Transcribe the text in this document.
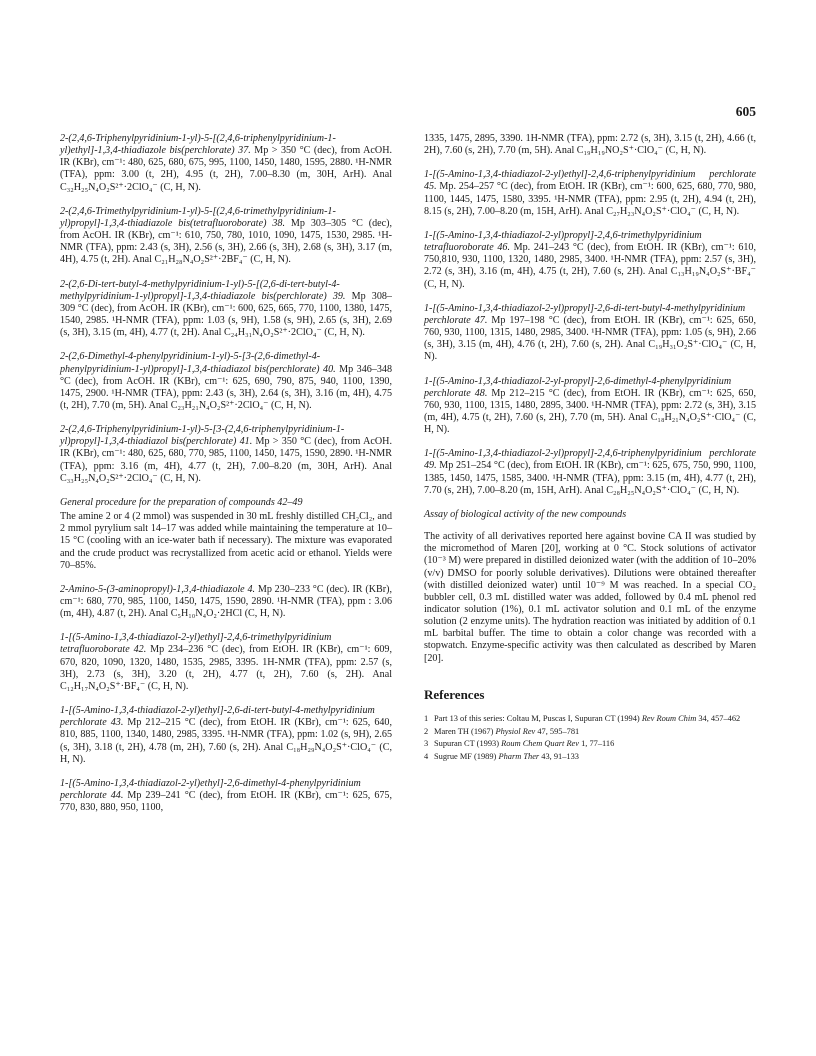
605
2-(2,4,6-Triphenylpyridinium-1-yl)-5-[(2,4,6-triphenylpyridinium-1-yl)ethyl]-1,3,4-thiadiazole bis(perchlorate) 37. Mp > 350 °C (dec), from AcOH. IR (KBr), cm⁻¹: 480, 625, 680, 675, 995, 1100, 1450, 1480, 1595, 2880. ¹H-NMR (TFA), ppm: 3.00 (t, 2H), 4.95 (t, 2H), 7.00–8.30 (m, 30H, ArH). Anal C₃₂H₂₅N₄O₂S²⁺·2ClO₄⁻ (C, H, N).
2-(2,4,6-Trimethylpyridinium-1-yl)-5-[(2,4,6-trimethylpyridinium-1-yl)propyl]-1,3,4-thiadiazole bis(tetrafluoroborate) 38. Mp 303–305 °C (dec), from AcOH. IR (KBr), cm⁻¹: 610, 750, 780, 1010, 1090, 1475, 1530, 2985. ¹H-NMR (TFA), ppm: 2.43 (s, 3H), 2.56 (s, 3H), 2.66 (s, 3H), 2.68 (s, 3H), 3.17 (m, 4H), 4.75 (t, 2H). Anal C₂₁H₂₈N₄O₂S²⁺·2BF₄⁻ (C, H, N).
2-(2,6-Di-tert-butyl-4-methylpyridinium-1-yl)-5-[(2,6-di-tert-butyl-4-methylpyridinium-1-yl)propyl]-1,3,4-thiadiazole bis(perchlorate) 39. Mp 308–309 °C (dec), from AcOH. IR (KBr), cm⁻¹: 600, 625, 665, 770, 1100, 1380, 1475, 1540, 2985. ¹H-NMR (TFA), ppm: 1.03 (s, 9H), 1.58 (s, 9H), 2.65 (s, 3H), 2.69 (s, 3H), 3.15 (m, 4H), 4.77 (t, 2H). Anal C₂₄H₃₁N₄O₂S²⁺·2ClO₄⁻ (C, H, N).
2-(2,6-Dimethyl-4-phenylpyridinium-1-yl)-5-[3-(2,6-dimethyl-4-phenylpyridinium-1-yl)propyl]-1,3,4-thiadiazol bis(perchlorate) 40. Mp 346–348 °C (dec), from AcOH. IR (KBr), cm⁻¹: 625, 690, 790, 875, 940, 1100, 1390, 1475, 2900. ¹H-NMR (TFA), ppm: 2.43 (s, 3H), 2.64 (s, 3H), 3.16 (m, 4H), 4.75 (t, 2H), 7.70 (m, 5H). Anal C₂₃H₂₁N₄O₂S²⁺·2ClO₄⁻ (C, H, N).
2-(2,4,6-Triphenylpyridinium-1-yl)-5-[3-(2,4,6-triphenylpyridinium-1-yl)propyl]-1,3,4-thiadiazol bis(perchlorate) 41. Mp > 350 °C (dec), from AcOH. IR (KBr), cm⁻¹: 480, 625, 680, 770, 985, 1100, 1450, 1475, 1590, 2890. ¹H-NMR (TFA), ppm: 3.16 (m, 4H), 4.77 (t, 2H), 7.00–8.20 (m, 30H, ArH). Anal C₃₃H₂₅N₄O₂S²⁺·2ClO₄⁻ (C, H, N).
General procedure for the preparation of compounds 42–49
The amine 2 or 4 (2 mmol) was suspended in 30 mL freshly distilled CH₂Cl₂, and 2 mmol pyrylium salt 14–17 was added while maintaining the temperature at 10–15 °C (cooling with an ice-water bath if necessary). The mixture was evaporated and the crude product was recrystallized from acetic acid or ethanol. Yields were 70–85%.
2-Amino-5-(3-aminopropyl)-1,3,4-thiadiazole 4. Mp 230–233 °C (dec). IR (KBr), cm⁻¹: 680, 770, 985, 1100, 1450, 1475, 1590, 2890. ¹H-NMR (TFA), ppm : 3.06 (m, 4H), 4.87 (t, 2H). Anal C₅H₁₀N₄O₂·2HCl (C, H, N).
1-[(5-Amino-1,3,4-thiadiazol-2-yl)ethyl]-2,4,6-trimethylpyridinium tetrafluoroborate 42. Mp 234–236 °C (dec), from EtOH. IR (KBr), cm⁻¹: 609, 670, 820, 1090, 1320, 1480, 1535, 2985, 3395. 1H-NMR (TFA), ppm: 2.57 (s, 3H), 2.73 (s, 3H), 3.20 (t, 2H), 4.77 (t, 2H), 7.60 (s, 2H). Anal C₁₂H₁₇N₄O₂S⁺·BF₄⁻ (C, H, N).
1-[(5-Amino-1,3,4-thiadiazol-2-yl)ethyl]-2,6-di-tert-butyl-4-methylpyridinium perchlorate 43. Mp 212–215 °C (dec), from EtOH. IR (KBr), cm⁻¹: 625, 640, 810, 885, 1100, 1340, 1480, 2985, 3395. ¹H-NMR (TFA), ppm: 1.02 (s, 9H), 2.65 (s, 3H), 3.18 (t, 2H), 4.78 (m, 2H), 7.60 (s, 2H). Anal C₁₈H₂₉N₄O₂S⁺·ClO₄⁻ (C, H, N).
1-[(5-Amino-1,3,4-thiadiazol-2-yl)ethyl]-2,6-dimethyl-4-phenylpyridinium perchlorate 44. Mp 239–241 °C (dec), from EtOH. IR (KBr), cm⁻¹: 625, 675, 770, 830, 880, 950, 1100,
1335, 1475, 2895, 3390. 1H-NMR (TFA), ppm: 2.72 (s, 3H), 3.15 (t, 2H), 4.66 (t, 2H), 7.60 (s, 2H), 7.70 (m, 5H). Anal C₁₉H₁₉NO₂S⁺·ClO₄⁻ (C, H, N).
1-[(5-Amino-1,3,4-thiadiazol-2-yl)ethyl]-2,4,6-triphenylpyridinium perchlorate 45. Mp. 254–257 °C (dec), from EtOH. IR (KBr), cm⁻¹: 600, 625, 680, 770, 980, 1100, 1445, 1475, 1580, 3395. ¹H-NMR (TFA), ppm: 2.95 (t, 2H), 4.94 (t, 2H), 8.15 (s, 2H), 7.00–8.20 (m, 15H, ArH). Anal C₂₇H₂₃N₄O₂S⁺·ClO₄⁻ (C, H, N).
1-[(5-Amino-1,3,4-thiadiazol-2-yl)propyl]-2,4,6-trimethylpyridinium tetrafluoroborate 46. Mp. 241–243 °C (dec), from EtOH. IR (KBr), cm⁻¹: 610, 750,810, 930, 1100, 1320, 1480, 2985, 3400. ¹H-NMR (TFA), ppm: 2.57 (s, 3H), 2.72 (s, 3H), 3.16 (m, 4H), 4.75 (t, 2H), 7.60 (s, 2H). Anal C₁₃H₁₉N₄O₂S⁺·BF₄⁻ (C, H, N).
1-[(5-Amino-1,3,4-thiadiazol-2-yl)propyl]-2,6-di-tert-butyl-4-methylpyridinium perchlorate 47. Mp 197–198 °C (dec), from EtOH. IR (KBr), cm⁻¹: 625, 650, 760, 930, 1100, 1315, 1480, 2985, 3400. ¹H-NMR (TFA), ppm: 1.05 (s, 9H), 2.66 (s, 3H), 3.15 (m, 4H), 4.76 (t, 2H), 7.60 (s, 2H). Anal C₁₉H₃₁O₂S⁺·ClO₄⁻ (C, H, N).
1-[(5-Amino-1,3,4-thiadiazol-2-yl-propyl]-2,6-dimethyl-4-phenylpyridinium perchlorate 48. Mp 212–215 °C (dec), from EtOH. IR (KBr), cm⁻¹: 625, 650, 760, 930, 1100, 1315, 1480, 2895, 3400. ¹H-NMR (TFA), ppm: 2.72 (s, 3H), 3.15 (m, 4H), 4.75 (t, 2H), 7.60 (s, 2H), 7.70 (m, 5H). Anal C₁₈H₂₁N₄O₂S⁺·ClO₄⁻ (C, H, N).
1-[(5-Amino-1,3,4-thiadiazol-2-yl)propyl]-2,4,6-triphenylpyridinium perchlorate 49. Mp 251–254 °C (dec), from EtOH. IR (KBr), cm⁻¹: 625, 675, 750, 990, 1100, 1385, 1450, 1475, 1585, 3400. ¹H-NMR (TFA), ppm: 3.15 (m, 4H), 4.77 (t, 2H), 7.70 (s, 2H), 7.00–8.20 (m, 15H, ArH). Anal C₂₈H₂₅N₄O₂S⁺·ClO₄⁻ (C, H, N).
Assay of biological activity of the new compounds
The activity of all derivatives reported here against bovine CA II was studied by the micromethod of Maren [20], working at 0 °C. Stock solutions of activator (10⁻³ M) were prepared in distilled deionized water (with the addition of 10–20% (v/v) DMSO for poorly soluble derivatives). Dilutions were obtained thereafter (with distilled deionized water) until 10⁻⁹ M was reached. In a special CO₂ bubbler cell, 0.3 mL distilled water was added, followed by 0.4 mL phenol red indicator solution (1%), 0.1 mL activator solution and 0.1 mL of the enzyme solution (2 enzyme units). The hydration reaction was initiated by addition of 0.1 mL barbital buffer. The time to obtain a color change was recorded with a stopwatch. Enzyme-specific activity was then calculated as described by Maren [20].
References
1 Part 13 of this series: Coltau M, Puscas I, Supuran CT (1994) Rev Roum Chim 34, 457–462
2 Maren TH (1967) Physiol Rev 47, 595–781
3 Supuran CT (1993) Roum Chem Quart Rev 1, 77–116
4 Sugrue MF (1989) Pharm Ther 43, 91–133
